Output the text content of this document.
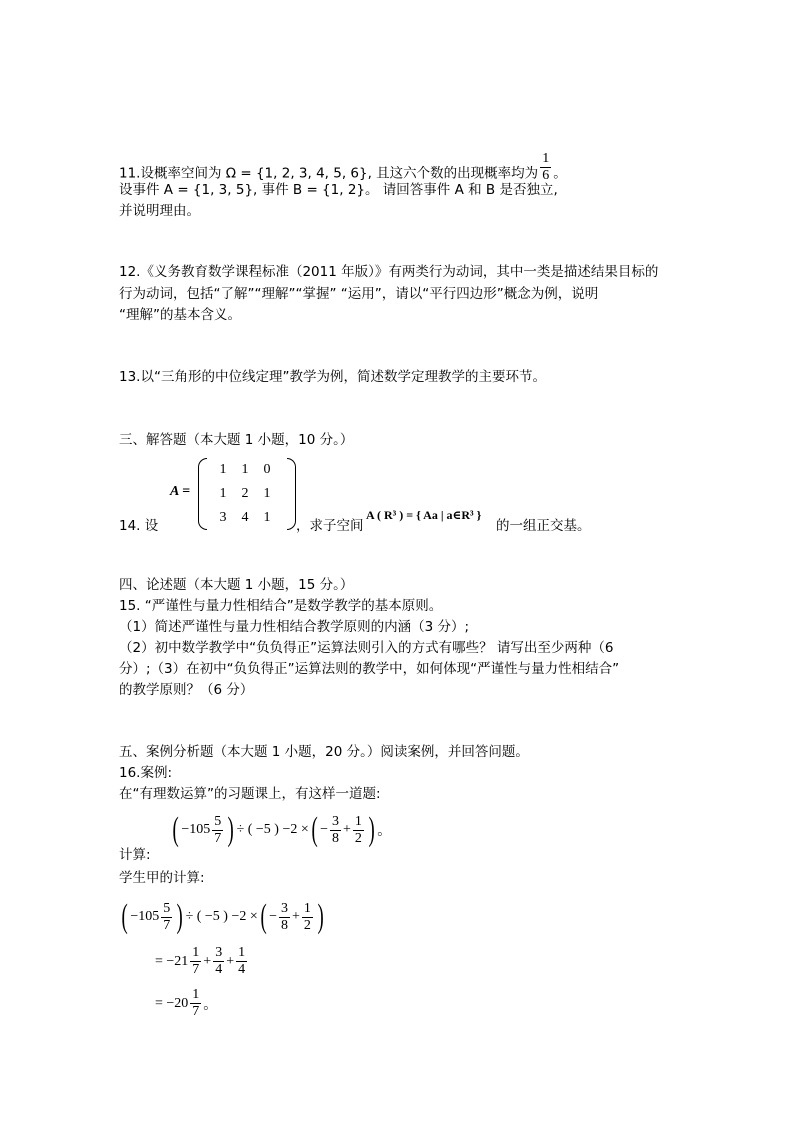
11.设概率空间为 Ω = {1, 2, 3, 4, 5, 6}, 且这六个数的出现概率均为 $\frac{1}{6}$ 。
设事件 A = {1, 3, 5}, 事件 B = {1, 2}。 请回答事件 A 和 B 是否独立,
并说明理由。
12.《义务教育数学课程标准（2011 年版）》有两类行为动词，其中一类是描述结果目标的
行为动词，包括“了解”“理解”“掌握” “运用”，请以“平行四边形”概念为例，说明
“理解”的基本含义。
13.以“三角形的中位线定理”教学为例，简述数学定理教学的主要环节。
三、解答题（本大题 1 小题，10 分。）
14. 设
A =
1	1	0
1	2	1
3	4	1
，求子空间
A ( R³ ) = { Aa | a∈R³ }
的一组正交基。
四、论述题（本大题 1 小题，15 分。）
15. “严谨性与量力性相结合”是数学教学的基本原则。
（1）简述严谨性与量力性相结合教学原则的内涵（3 分）;
（2）初中数学教学中“负负得正”运算法则引入的方式有哪些？ 请写出至少两种（6
分）;（3）在初中“负负得正”运算法则的教学中，如何体现“严谨性与量力性相结合”
的教学原则？（6 分）
五、案例分析题（本大题 1 小题，20 分。）阅读案例，并回答问题。
16.案例:
在“有理数运算”的习题课上，有这样一道题:
( $-105 \frac{5}{7}$ ) ÷ ( −5 ) −2 × ( − $\frac{3}{8} + \frac{1}{2}$ ) 。
计算:
学生甲的计算:
( $-105 \frac{5}{7}$ ) ÷ ( −5 ) −2 × ( − $\frac{3}{8} + \frac{1}{2}$ )
= $-21 \frac{1}{7} + \frac{3}{4} + \frac{1}{4}$
= $-20 \frac{1}{7}$ 。
